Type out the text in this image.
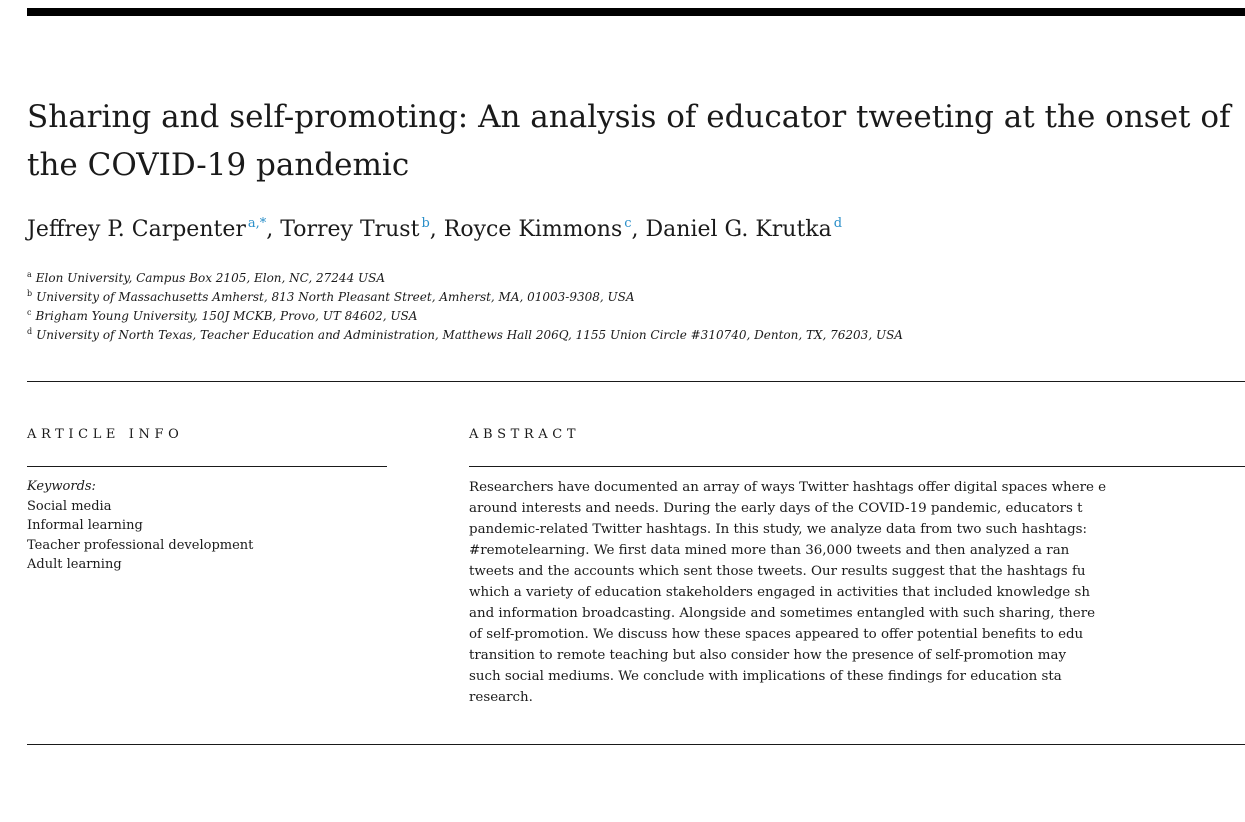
Sharing and self-promoting: An analysis of educator tweeting at the onset of
the COVID-19 pandemic
Jeffrey P. Carpenter $^{a,*}$, Torrey Trust $^b$, Royce Kimmons $^c$, Daniel G. Krutka $^d$
$^a$ Elon University, Campus Box 2105, Elon, NC, 27244 USA
$^b$ University of Massachusetts Amherst, 813 North Pleasant Street, Amherst, MA, 01003-9308, USA
$^c$ Brigham Young University, 150J MCKB, Provo, UT 84602, USA
$^d$ University of North Texas, Teacher Education and Administration, Matthews Hall 206Q, 1155 Union Circle #310740, Denton, TX, 76203, USA
ARTICLE INFO	ABSTRACT
Keywords:
Social media
Informal learning
Teacher professional development
Adult learning
Researchers have documented an array of ways Twitter hashtags offer digital spaces where e
around interests and needs. During the early days of the COVID-19 pandemic, educators t
pandemic-related Twitter hashtags. In this study, we analyze data from two such hashtags:
#remotelearning. We first data mined more than 36,000 tweets and then analyzed a ran
tweets and the accounts which sent those tweets. Our results suggest that the hashtags fu
which a variety of education stakeholders engaged in activities that included knowledge sh
and information broadcasting. Alongside and sometimes entangled with such sharing, there
of self-promotion. We discuss how these spaces appeared to offer potential benefits to edu
transition to remote teaching but also consider how the presence of self-promotion may
such social mediums. We conclude with implications of these findings for education sta
research.
